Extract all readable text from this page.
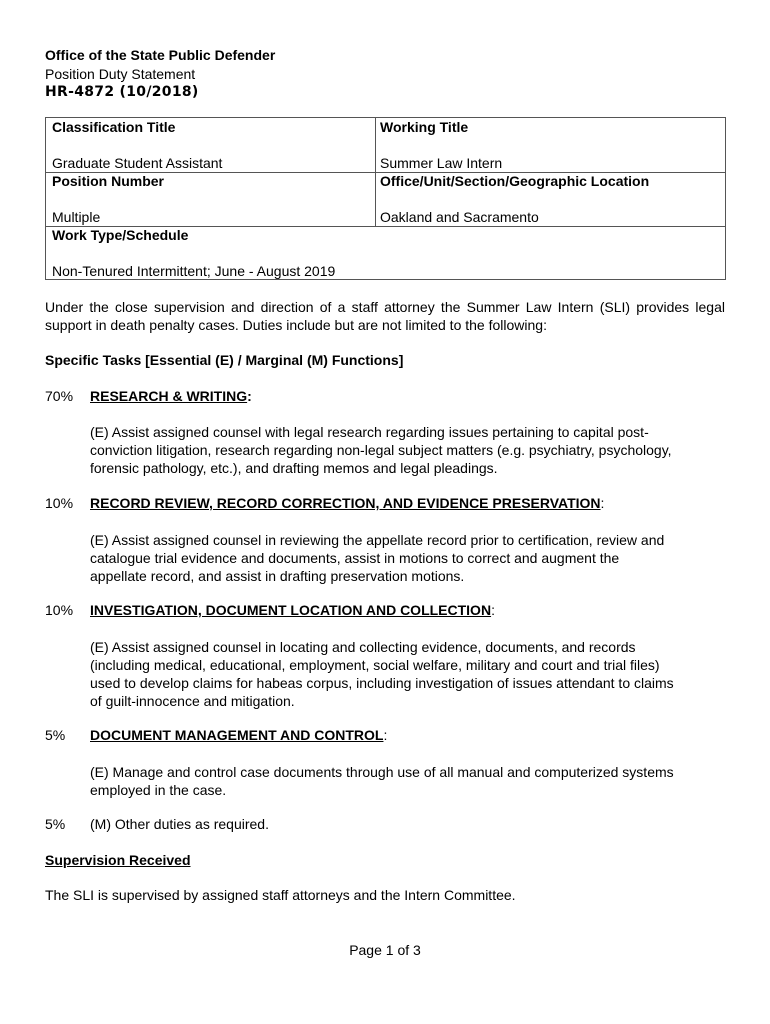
Office of the State Public Defender
Position Duty Statement
HR-4872 (10/2018)
Classification Title
Graduate Student Assistant
Working Title
Summer Law Intern
Position Number
Multiple
Office/Unit/Section/Geographic Location
Oakland and Sacramento
Work Type/Schedule
Non-Tenured Intermittent; June - August 2019
Under the close supervision and direction of a staff attorney the Summer Law Intern (SLI) provides legal support in death penalty cases. Duties include but are not limited to the following:
Specific Tasks [Essential (E) / Marginal (M) Functions]
70% RESEARCH & WRITING:
(E) Assist assigned counsel with legal research regarding issues pertaining to capital post-
conviction litigation, research regarding non-legal subject matters (e.g. psychiatry, psychology,
forensic pathology, etc.), and drafting memos and legal pleadings.
10% RECORD REVIEW, RECORD CORRECTION, AND EVIDENCE PRESERVATION:
(E) Assist assigned counsel in reviewing the appellate record prior to certification, review and
catalogue trial evidence and documents, assist in motions to correct and augment the
appellate record, and assist in drafting preservation motions.
10% INVESTIGATION, DOCUMENT LOCATION AND COLLECTION:
(E) Assist assigned counsel in locating and collecting evidence, documents, and records
(including medical, educational, employment, social welfare, military and court and trial files)
used to develop claims for habeas corpus, including investigation of issues attendant to claims
of guilt-innocence and mitigation.
5% DOCUMENT MANAGEMENT AND CONTROL:
(E) Manage and control case documents through use of all manual and computerized systems
employed in the case.
5% (M) Other duties as required.
Supervision Received
The SLI is supervised by assigned staff attorneys and the Intern Committee.
Page 1 of 3
